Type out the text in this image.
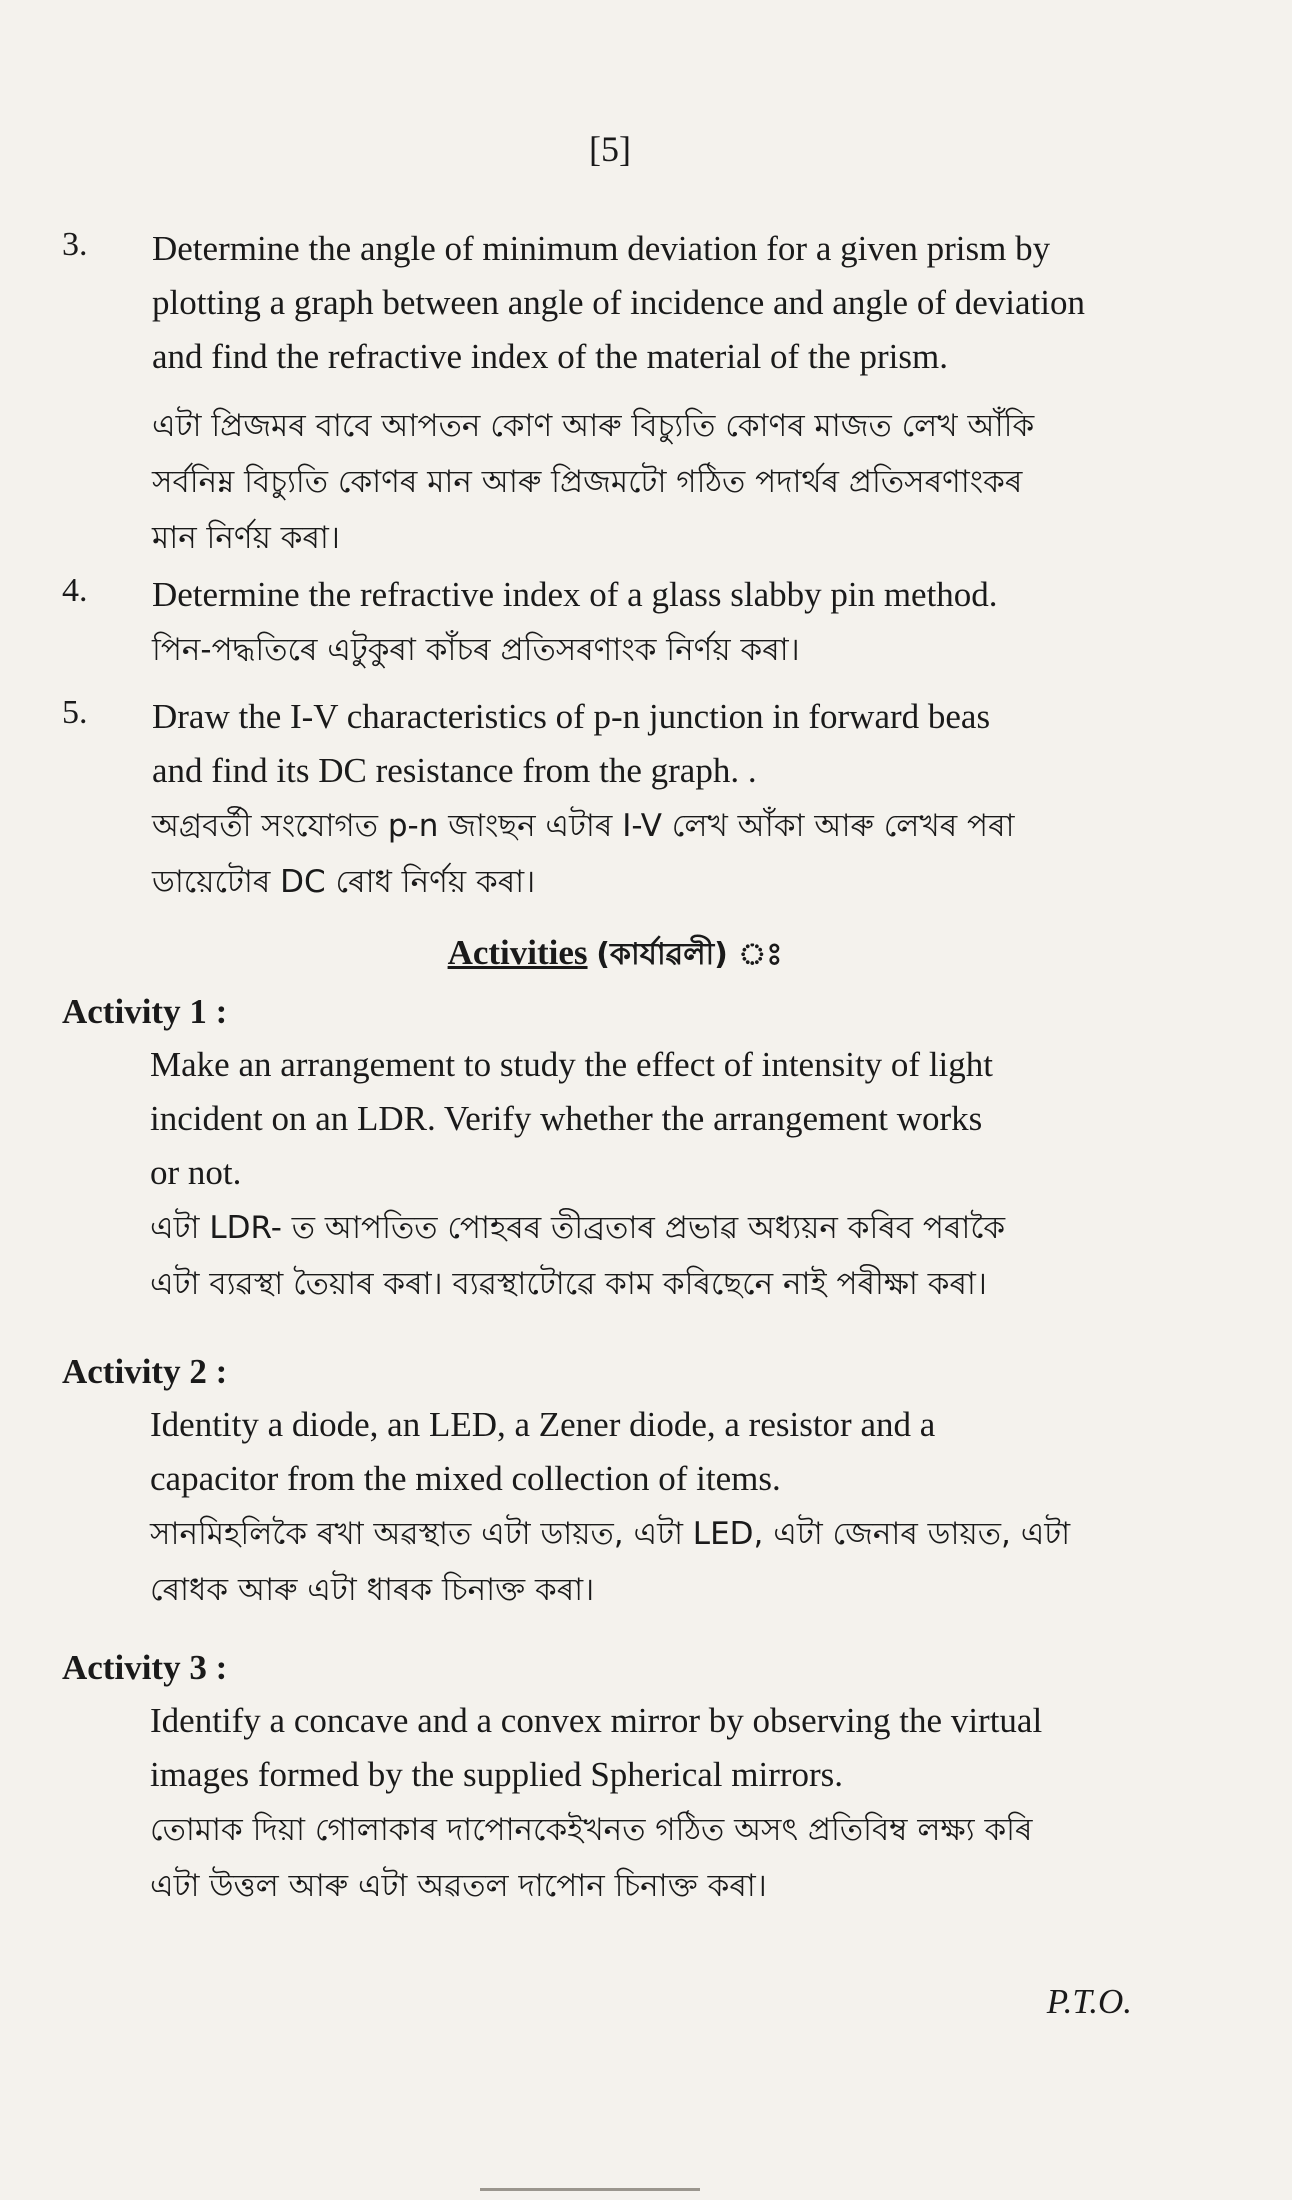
[5]
3. Determine the angle of minimum deviation for a given prism by

plotting a graph between angle of incidence and angle of deviation

and find the refractive index of the material of the prism.

এটা প্ৰিজমৰ বাবে আপতন কোণ আৰু বিচ্যুতি কোণৰ মাজত লেখ আঁকি

সৰ্বনিম্ন বিচ্যুতি কোণৰ মান আৰু প্ৰিজমটো গঠিত পদাৰ্থৰ প্ৰতিসৰণাংকৰ

মান নিৰ্ণয় কৰা।

4. Determine the refractive index of a glass slabby pin method.

পিন-পদ্ধতিৰে এটুকুৰা কাঁচৰ প্ৰতিসৰণাংক নিৰ্ণয় কৰা।

5. Draw the I-V characteristics of p-n junction in forward beas

and find its DC resistance from the graph. .

অগ্ৰবৰ্তী সংযোগত p-n জাংছন এটাৰ I-V লেখ আঁকা আৰু লেখৰ পৰা

ডায়েটোৰ DC ৰোধ নিৰ্ণয় কৰা।

Activities (কাৰ্যাৱলী) ঃ

Activity 1 :

Make an arrangement to study the effect of intensity of light

incident on an LDR. Verify whether the arrangement works

or not.

এটা LDR- ত আপতিত পোহৰৰ তীব্ৰতাৰ প্ৰভাৱ অধ্যয়ন কৰিব পৰাকৈ

এটা ব্যৱস্থা তৈয়াৰ কৰা। ব্যৱস্থাটোৱে কাম কৰিছেনে নাই পৰীক্ষা কৰা।

Activity 2 :

Identity a diode, an LED, a Zener diode, a resistor and a

capacitor from the mixed collection of items.

সানমিহলিকৈ ৰখা অৱস্থাত এটা ডায়ত, এটা LED, এটা জেনাৰ ডায়ত, এটা

ৰোধক আৰু এটা ধাৰক চিনাক্ত কৰা।

Activity 3 :

Identify a concave and a convex mirror by observing the virtual

images formed by the supplied Spherical mirrors.

তোমাক দিয়া গোলাকাৰ দাপোনকেইখনত গঠিত অসৎ প্ৰতিবিম্ব লক্ষ্য কৰি

এটা উত্তল আৰু এটা অৱতল দাপোন চিনাক্ত কৰা।

P.T.O.
